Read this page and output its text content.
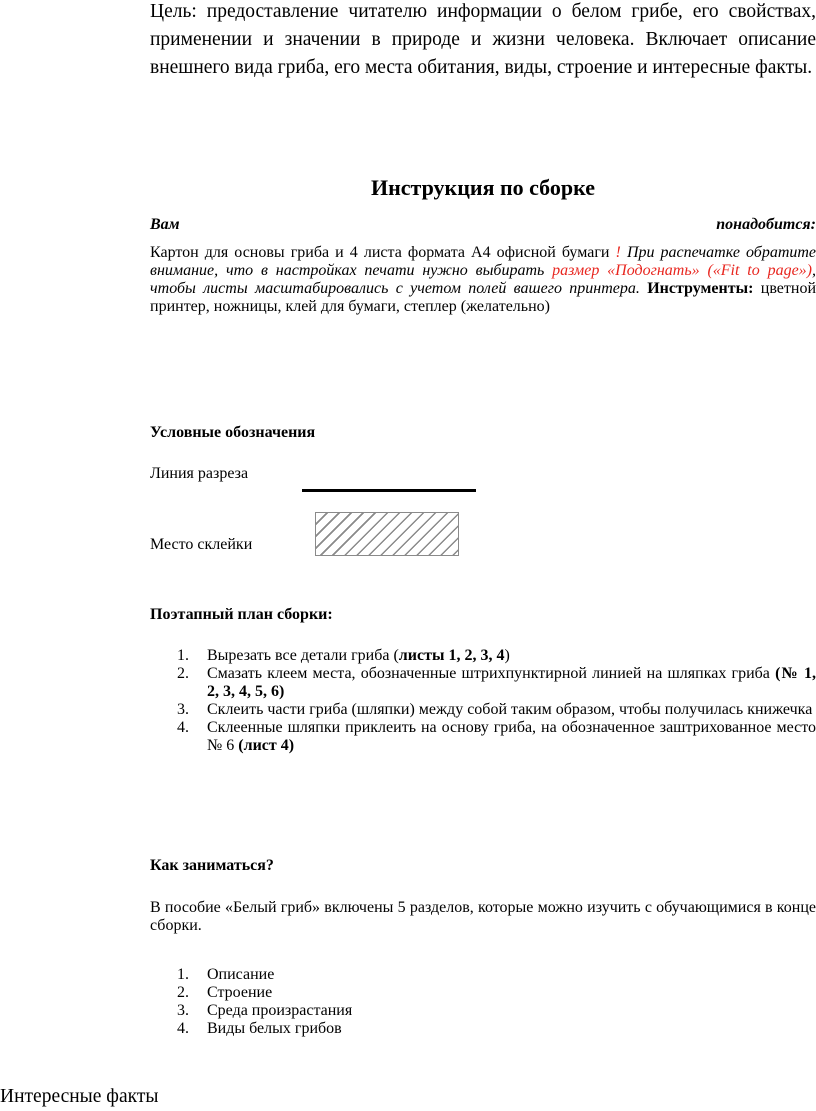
Цель: предоставление читателю информации о белом грибе, его свойствах, применении и значении в природе и жизни человека. Включает описание внешнего вида гриба, его места обитания, виды, строение и интересные факты.
Инструкция по сборке
Вам	понадобится:
Картон для основы гриба и 4 листа формата А4 офисной бумаги ! При распечатке обратите внимание, что в настройках печати нужно выбирать размер «Подогнать» («Fit to page»), чтобы листы масштабировались с учетом полей вашего принтера. Инструменты: цветной принтер, ножницы, клей для бумаги, степлер (желательно)
Условные обозначения
Линия разреза
Место склейки
Поэтапный план сборки:
1. Вырезать все детали гриба (листы 1, 2, 3, 4)
2. Смазать клеем места, обозначенные штрихпунктирной линией на шляпках гриба (№ 1, 2, 3, 4, 5, 6)
3. Склеить части гриба (шляпки) между собой таким образом, чтобы получилась книжечка
4. Склеенные шляпки приклеить на основу гриба, на обозначенное заштрихованное место № 6 (лист 4)
Как заниматься?
В пособие «Белый гриб» включены 5 разделов, которые можно изучить с обучающимися в конце сборки.
1. Описание
2. Строение
3. Среда произрастания
4. Виды белых грибов
Интересные факты
